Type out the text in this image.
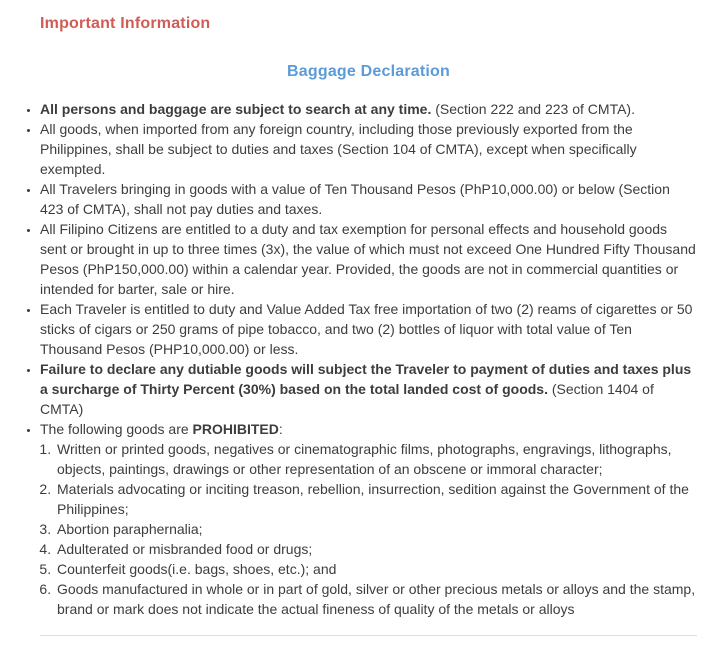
Important Information
Baggage Declaration
• All persons and baggage are subject to search at any time. (Section 222 and 223 of CMTA).
• All goods, when imported from any foreign country, including those previously exported from the Philippines, shall be subject to duties and taxes (Section 104 of CMTA), except when specifically exempted.
• All Travelers bringing in goods with a value of Ten Thousand Pesos (PhP10,000.00) or below (Section 423 of CMTA), shall not pay duties and taxes.
• All Filipino Citizens are entitled to a duty and tax exemption for personal effects and household goods sent or brought in up to three times (3x), the value of which must not exceed One Hundred Fifty Thousand Pesos (PhP150,000.00) within a calendar year. Provided, the goods are not in commercial quantities or intended for barter, sale or hire.
• Each Traveler is entitled to duty and Value Added Tax free importation of two (2) reams of cigarettes or 50 sticks of cigars or 250 grams of pipe tobacco, and two (2) bottles of liquor with total value of Ten Thousand Pesos (PHP10,000.00) or less.
• Failure to declare any dutiable goods will subject the Traveler to payment of duties and taxes plus a surcharge of Thirty Percent (30%) based on the total landed cost of goods. (Section 1404 of CMTA)
• The following goods are PROHIBITED:
1. Written or printed goods, negatives or cinematographic films, photographs, engravings, lithographs, objects, paintings, drawings or other representation of an obscene or immoral character;
2. Materials advocating or inciting treason, rebellion, insurrection, sedition against the Government of the Philippines;
3. Abortion paraphernalia;
4. Adulterated or misbranded food or drugs;
5. Counterfeit goods(i.e. bags, shoes, etc.); and
6. Goods manufactured in whole or in part of gold, silver or other precious metals or alloys and the stamp, brand or mark does not indicate the actual fineness of quality of the metals or alloys
